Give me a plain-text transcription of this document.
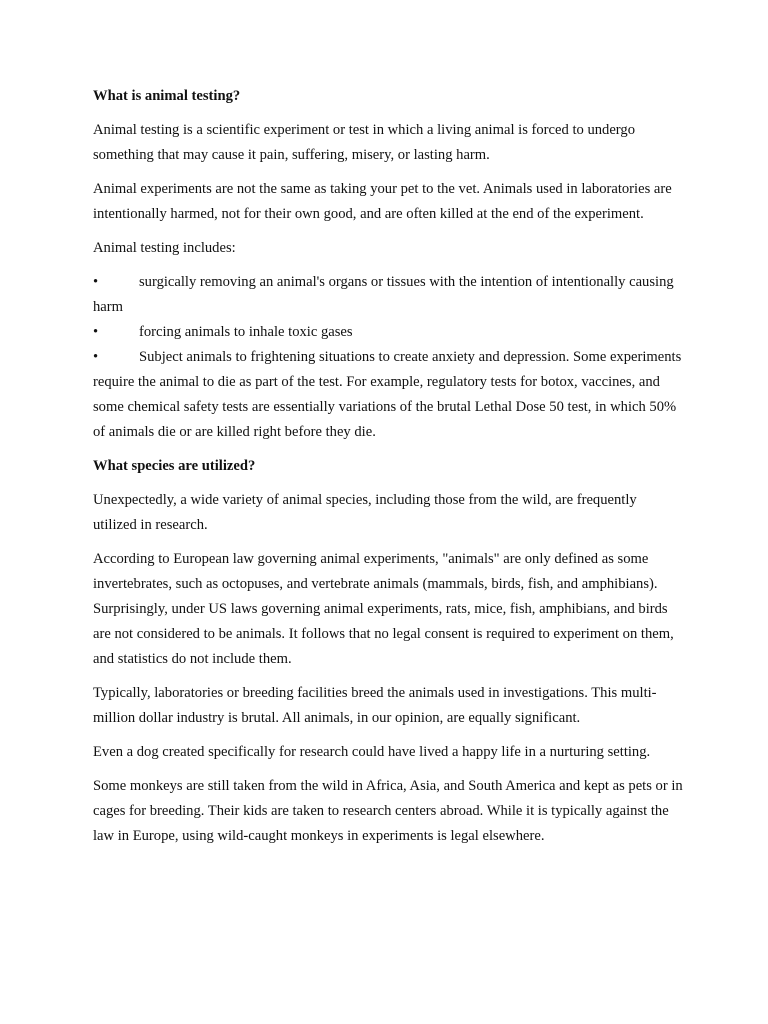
What is animal testing?

Animal testing is a scientific experiment or test in which a living animal is forced to undergo something that may cause it pain, suffering, misery, or lasting harm.

Animal experiments are not the same as taking your pet to the vet. Animals used in laboratories are intentionally harmed, not for their own good, and are often killed at the end of the experiment.

Animal testing includes:

•	surgically removing an animal's organs or tissues with the intention of intentionally causing harm
•	forcing animals to inhale toxic gases
•	Subject animals to frightening situations to create anxiety and depression. Some experiments require the animal to die as part of the test. For example, regulatory tests for botox, vaccines, and some chemical safety tests are essentially variations of the brutal Lethal Dose 50 test, in which 50% of animals die or are killed right before they die.

What species are utilized?

Unexpectedly, a wide variety of animal species, including those from the wild, are frequently utilized in research.

According to European law governing animal experiments, "animals" are only defined as some invertebrates, such as octopuses, and vertebrate animals (mammals, birds, fish, and amphibians). Surprisingly, under US laws governing animal experiments, rats, mice, fish, amphibians, and birds are not considered to be animals. It follows that no legal consent is required to experiment on them, and statistics do not include them.

Typically, laboratories or breeding facilities breed the animals used in investigations. This multi-million dollar industry is brutal. All animals, in our opinion, are equally significant.

Even a dog created specifically for research could have lived a happy life in a nurturing setting.

Some monkeys are still taken from the wild in Africa, Asia, and South America and kept as pets or in cages for breeding. Their kids are taken to research centers abroad. While it is typically against the law in Europe, using wild-caught monkeys in experiments is legal elsewhere.
